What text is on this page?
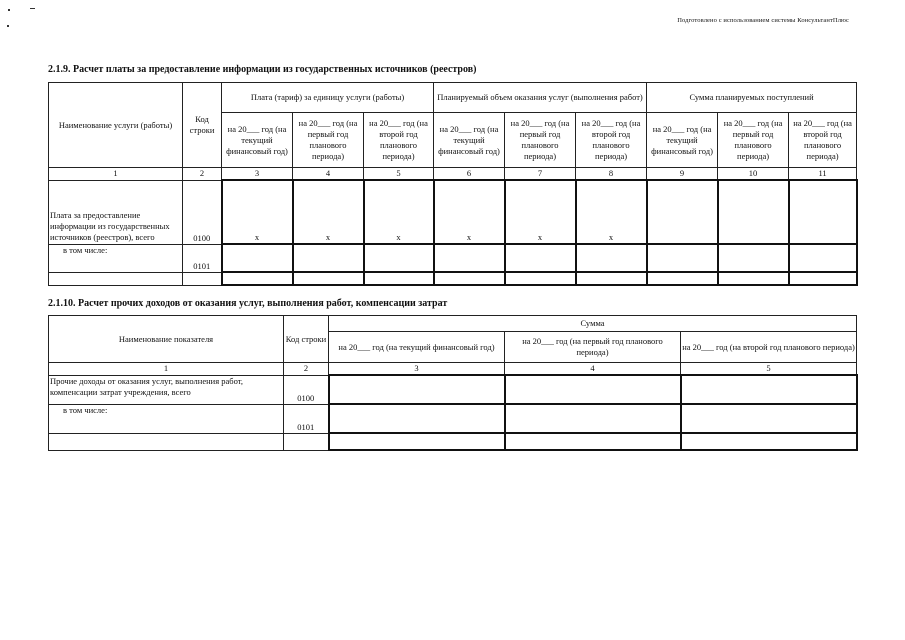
Подготовлено с использованием системы КонсультантПлюс
2.1.9. Расчет платы за предоставление информации из государственных источников (реестров)
Наименование услуги (работы)	Код строки	Плата (тариф) за единицу услуги (работы)			Планируемый объем оказания услуг (выполнения работ)			Сумма планируемых поступлений		
		на 20___ год (на текущий финансовый год)	на 20___ год (на первый год планового периода)	на 20___ год (на второй год планового периода)	на 20___ год (на текущий финансовый год)	на 20___ год (на первый год планового периода)	на 20___ год (на второй год планового периода)	на 20___ год (на текущий финансовый год)	на 20___ год (на первый год планового периода)	на 20___ год (на второй год планового периода)
1	2	3	4	5	6	7	8	9	10	11
Плата за предоставление информации из государственных источников (реестров), всего	0100	x	x	x	x	x	x			
в том числе:	0101									

2.1.10. Расчет прочих доходов от оказания услуг, выполнения работ, компенсации затрат
Наименование показателя	Код строки	Сумма		
		на 20___ год (на текущий финансовый год)	на 20___ год (на первый год планового периода)	на 20___ год (на второй год планового периода)
1	2	3	4	5
Прочие доходы от оказания услуг, выполнения работ, компенсации затрат учреждения, всего	0100			
в том числе:	0101			
